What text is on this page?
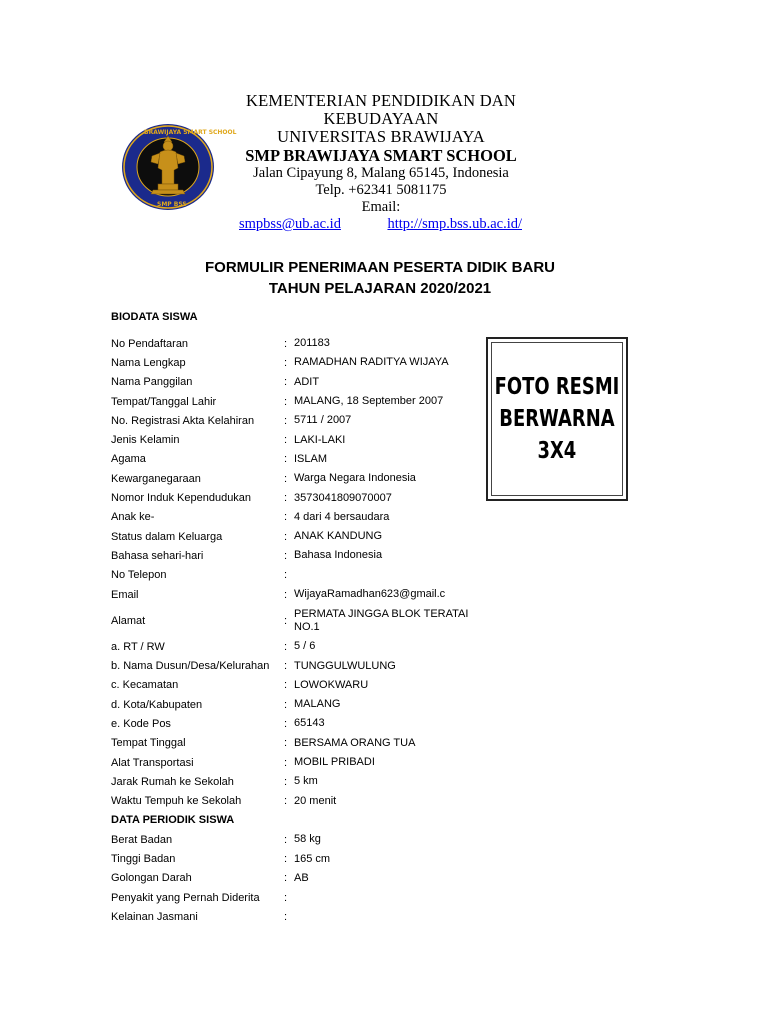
BRAWIJAYA SMART SCHOOL
SMP BSS
KEMENTERIAN PENDIDIKAN DAN
KEBUDAYAAN
UNIVERSITAS BRAWIJAYA
SMP BRAWIJAYA SMART SCHOOL
Jalan Cipayung 8, Malang 65145, Indonesia
Telp. +62341 5081175
Email:
smpbss@ub.ac.id	http://smp.bss.ub.ac.id/
FORMULIR PENERIMAAN PESERTA DIDIK BARU
TAHUN PELAJARAN 2020/2021
BIODATA SISWA
No Pendaftaran	: 201183
Nama Lengkap	: RAMADHAN RADITYA WIJAYA
Nama Panggilan	: ADIT
Tempat/Tanggal Lahir	: MALANG, 18 September 2007
No. Registrasi Akta Kelahiran	: 5711 / 2007
Jenis Kelamin	: LAKI-LAKI
Agama	: ISLAM
Kewarganegaraan	: Warga Negara Indonesia
Nomor Induk Kependudukan	: 3573041809070007
Anak ke-	: 4 dari 4 bersaudara
Status dalam Keluarga	: ANAK KANDUNG
Bahasa sehari-hari	: Bahasa Indonesia
No Telepon	:
Email	: WijayaRamadhan623@gmail.c
Alamat	:
PERMATA JINGGA BLOK TERATAI NO.1
a. RT / RW	: 5 / 6
b. Nama Dusun/Desa/Kelurahan	: TUNGGULWULUNG
c. Kecamatan	: LOWOKWARU
d. Kota/Kabupaten	: MALANG
e. Kode Pos	: 65143
Tempat Tinggal	: BERSAMA ORANG TUA
Alat Transportasi	: MOBIL PRIBADI
Jarak Rumah ke Sekolah	: 5 km
Waktu Tempuh ke Sekolah	: 20 menit
DATA PERIODIK SISWA
Berat Badan	: 58 kg
Tinggi Badan	: 165 cm
Golongan Darah	: AB
Penyakit yang Pernah Diderita	:
Kelainan Jasmani	:
FOTO RESMI
BERWARNA
3X4
